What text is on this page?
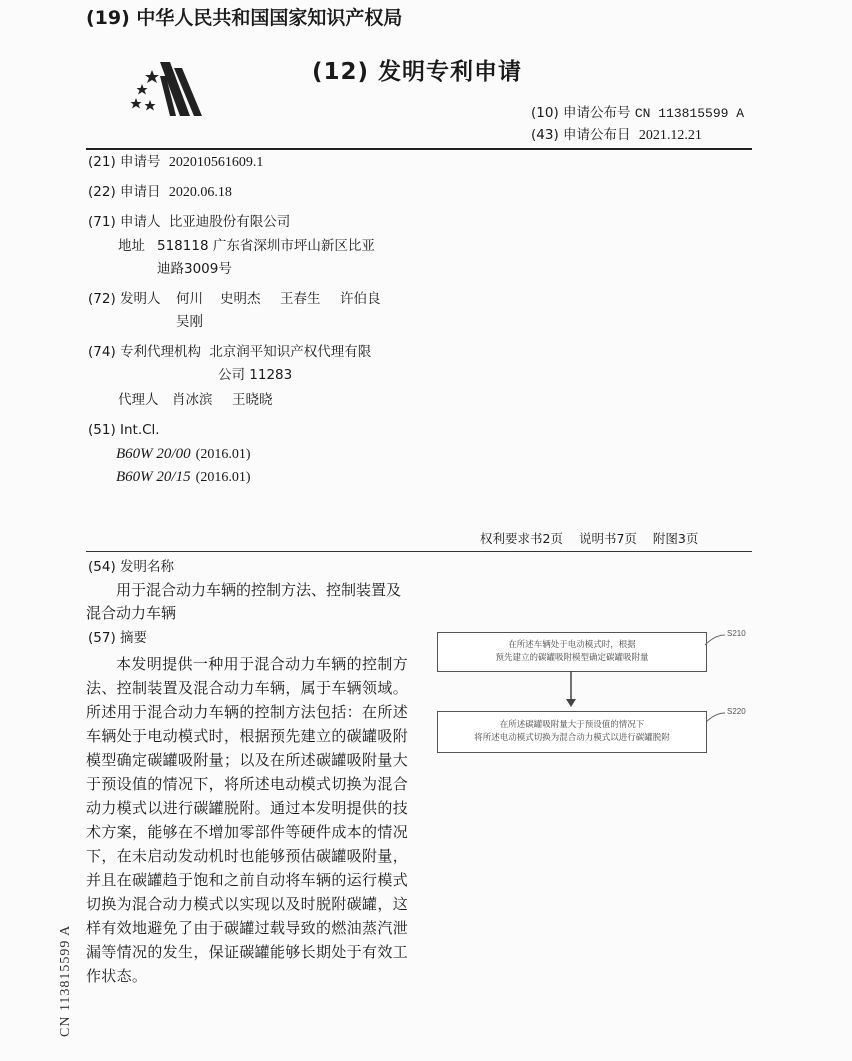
(19) 中华人民共和国国家知识产权局
(12) 发明专利申请
(10) 申请公布号 CN 113815599 A
(43) 申请公布日 2021.12.21
(21) 申请号 202010561609.1
(22) 申请日 2020.06.18
(71) 申请人 比亚迪股份有限公司
地址 518118 广东省深圳市坪山新区比亚
迪路3009号
(72) 发明人 何川 史明杰 王春生 许伯良
吴刚
(74) 专利代理机构 北京润平知识产权代理有限
公司 11283
代理人 肖冰滨 王晓晓
(51) Int.Cl.
B60W 20/00 (2016.01)
B60W 20/15 (2016.01)
权利要求书2页 说明书7页 附图3页
(54) 发明名称
用于混合动力车辆的控制方法、控制装置及
混合动力车辆
(57) 摘要
本发明提供一种用于混合动力车辆的控制方法、控制装置及混合动力车辆，属于车辆领域。所述用于混合动力车辆的控制方法包括：在所述车辆处于电动模式时，根据预先建立的碳罐吸附模型确定碳罐吸附量；以及在所述碳罐吸附量大于预设值的情况下，将所述电动模式切换为混合动力模式以进行碳罐脱附。通过本发明提供的技术方案，能够在不增加零部件等硬件成本的情况下，在未启动发动机时也能够预估碳罐吸附量，并且在碳罐趋于饱和之前自动将车辆的运行模式切换为混合动力模式以实现以及时脱附碳罐，这样有效地避免了由于碳罐过载导致的燃油蒸汽泄漏等情况的发生，保证碳罐能够长期处于有效工作状态。
在所述车辆处于电动模式时，根据
预先建立的碳罐吸附模型确定碳罐吸附量
S210
在所述碳罐吸附量大于预设值的情况下
将所述电动模式切换为混合动力模式以进行碳罐脱附
S220
CN 113815599 A
